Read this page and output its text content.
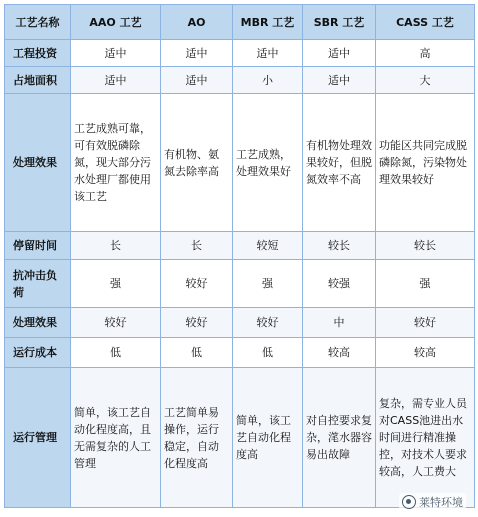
工艺名称	AAO 工艺	AO	MBR 工艺	SBR 工艺	CASS 工艺
工程投资	适中	适中	适中	适中	高
占地面积	适中	适中	小	适中	大
处理效果	工艺成熟可靠，可有效脱磷除氮，现大部分污水处理厂都使用该工艺	有机物、氨氮去除率高	工艺成熟，处理效果好	有机物处理效果较好，但脱氮效率不高	功能区共同完成脱磷除氮，污染物处理效果较好
停留时间	长	长	较短	较长	较长
抗冲击负荷	强	较好	强	较强	强
处理效果	较好	较好	较好	中	较好
运行成本	低	低	低	较高	较高
运行管理	简单，该工艺自动化程度高，且无需复杂的人工管理	工艺简单易操作，运行稳定，自动化程度高	简单，该工艺自动化程度高	对自控要求复杂，滗水器容易出故障	复杂，需专业人员对CASS池进出水时间进行精准操控，对技术人要求较高，人工费大
莱特环境
